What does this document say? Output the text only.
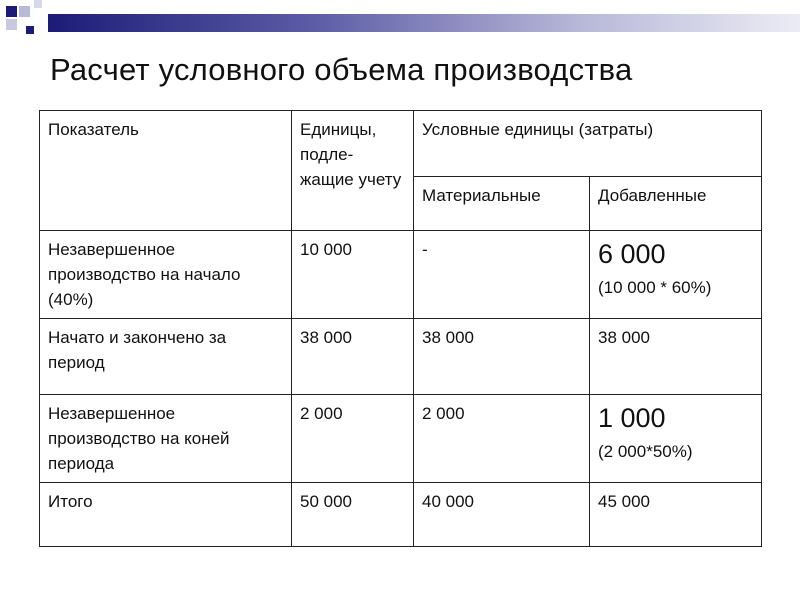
Расчет условного объема производства
Показатель	Единицы, подле-жащие учету	Условные единицы (затраты)	
		Материальные	Добавленные
Незавершенное производство на начало (40%)	10 000	-	6 000
(10 000 * 60%)

Начато и закончено за период	38 000	38 000	38 000
Незавершенное производство на коней периода	2 000	2 000	1 000
(2 000*50%)

Итого	50 000	40 000	45 000
